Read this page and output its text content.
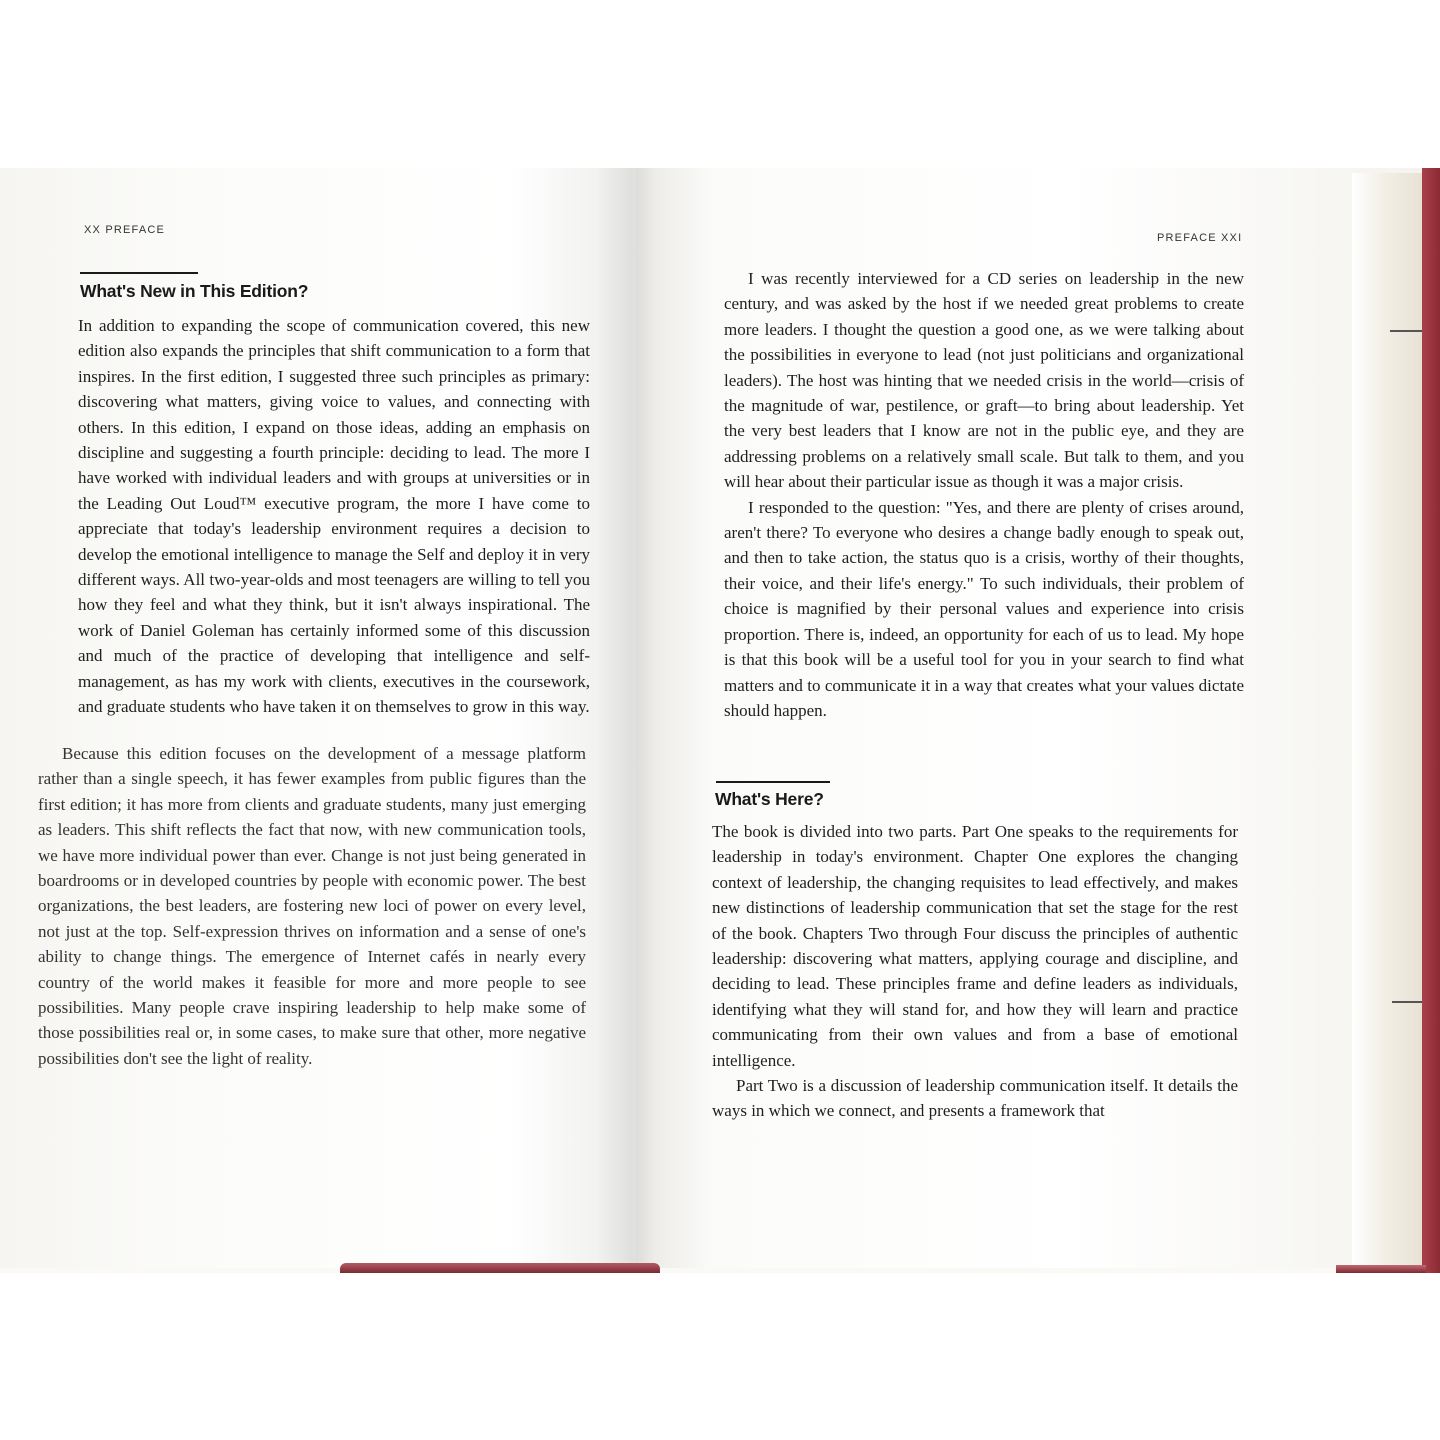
XX PREFACE
What's New in This Edition?

In addition to expanding the scope of communication covered, this new edition also expands the principles that shift communication to a form that inspires. In the first edition, I suggested three such principles as primary: discovering what matters, giving voice to values, and connecting with others. In this edition, I expand on those ideas, adding an emphasis on discipline and suggesting a fourth principle: deciding to lead. The more I have worked with individual leaders and with groups at universities or in the Leading Out Loud™ executive program, the more I have come to appreciate that today's leadership environment requires a decision to develop the emotional intelligence to manage the Self and deploy it in very different ways. All two-year-olds and most teenagers are willing to tell you how they feel and what they think, but it isn't always inspirational. The work of Daniel Goleman has certainly informed some of this discussion and much of the practice of developing that intelligence and self-management, as has my work with clients, executives in the coursework, and graduate students who have taken it on themselves to grow in this way.

Because this edition focuses on the development of a message platform rather than a single speech, it has fewer examples from public figures than the first edition; it has more from clients and graduate students, many just emerging as leaders. This shift reflects the fact that now, with new communication tools, we have more individual power than ever. Change is not just being generated in boardrooms or in developed countries by people with economic power. The best organizations, the best leaders, are fostering new loci of power on every level, not just at the top. Self-expression thrives on information and a sense of one's ability to change things. The emergence of Internet cafés in nearly every country of the world makes it feasible for more and more people to see possibilities. Many people crave inspiring leadership to help make some of those possibilities real or, in some cases, to make sure that other, more negative possibilities don't see the light of reality.

PREFACE XXI

I was recently interviewed for a CD series on leadership in the new century, and was asked by the host if we needed great problems to create more leaders. I thought the question a good one, as we were talking about the possibilities in everyone to lead (not just politicians and organizational leaders). The host was hinting that we needed crisis in the world—crisis of the magnitude of war, pestilence, or graft—to bring about leadership. Yet the very best leaders that I know are not in the public eye, and they are addressing problems on a relatively small scale. But talk to them, and you will hear about their particular issue as though it was a major crisis.

I responded to the question: "Yes, and there are plenty of crises around, aren't there? To everyone who desires a change badly enough to speak out, and then to take action, the status quo is a crisis, worthy of their thoughts, their voice, and their life's energy." To such individuals, their problem of choice is magnified by their personal values and experience into crisis proportion. There is, indeed, an opportunity for each of us to lead. My hope is that this book will be a useful tool for you in your search to find what matters and to communicate it in a way that creates what your values dictate should happen.

What's Here?

The book is divided into two parts. Part One speaks to the requirements for leadership in today's environment. Chapter One explores the changing context of leadership, the changing requisites to lead effectively, and makes new distinctions of leadership communication that set the stage for the rest of the book. Chapters Two through Four discuss the principles of authentic leadership: discovering what matters, applying courage and discipline, and deciding to lead. These principles frame and define leaders as individuals, identifying what they will stand for, and how they will learn and practice communicating from their own values and from a base of emotional intelligence.

Part Two is a discussion of leadership communication itself. It details the ways in which we connect, and presents a framework that
